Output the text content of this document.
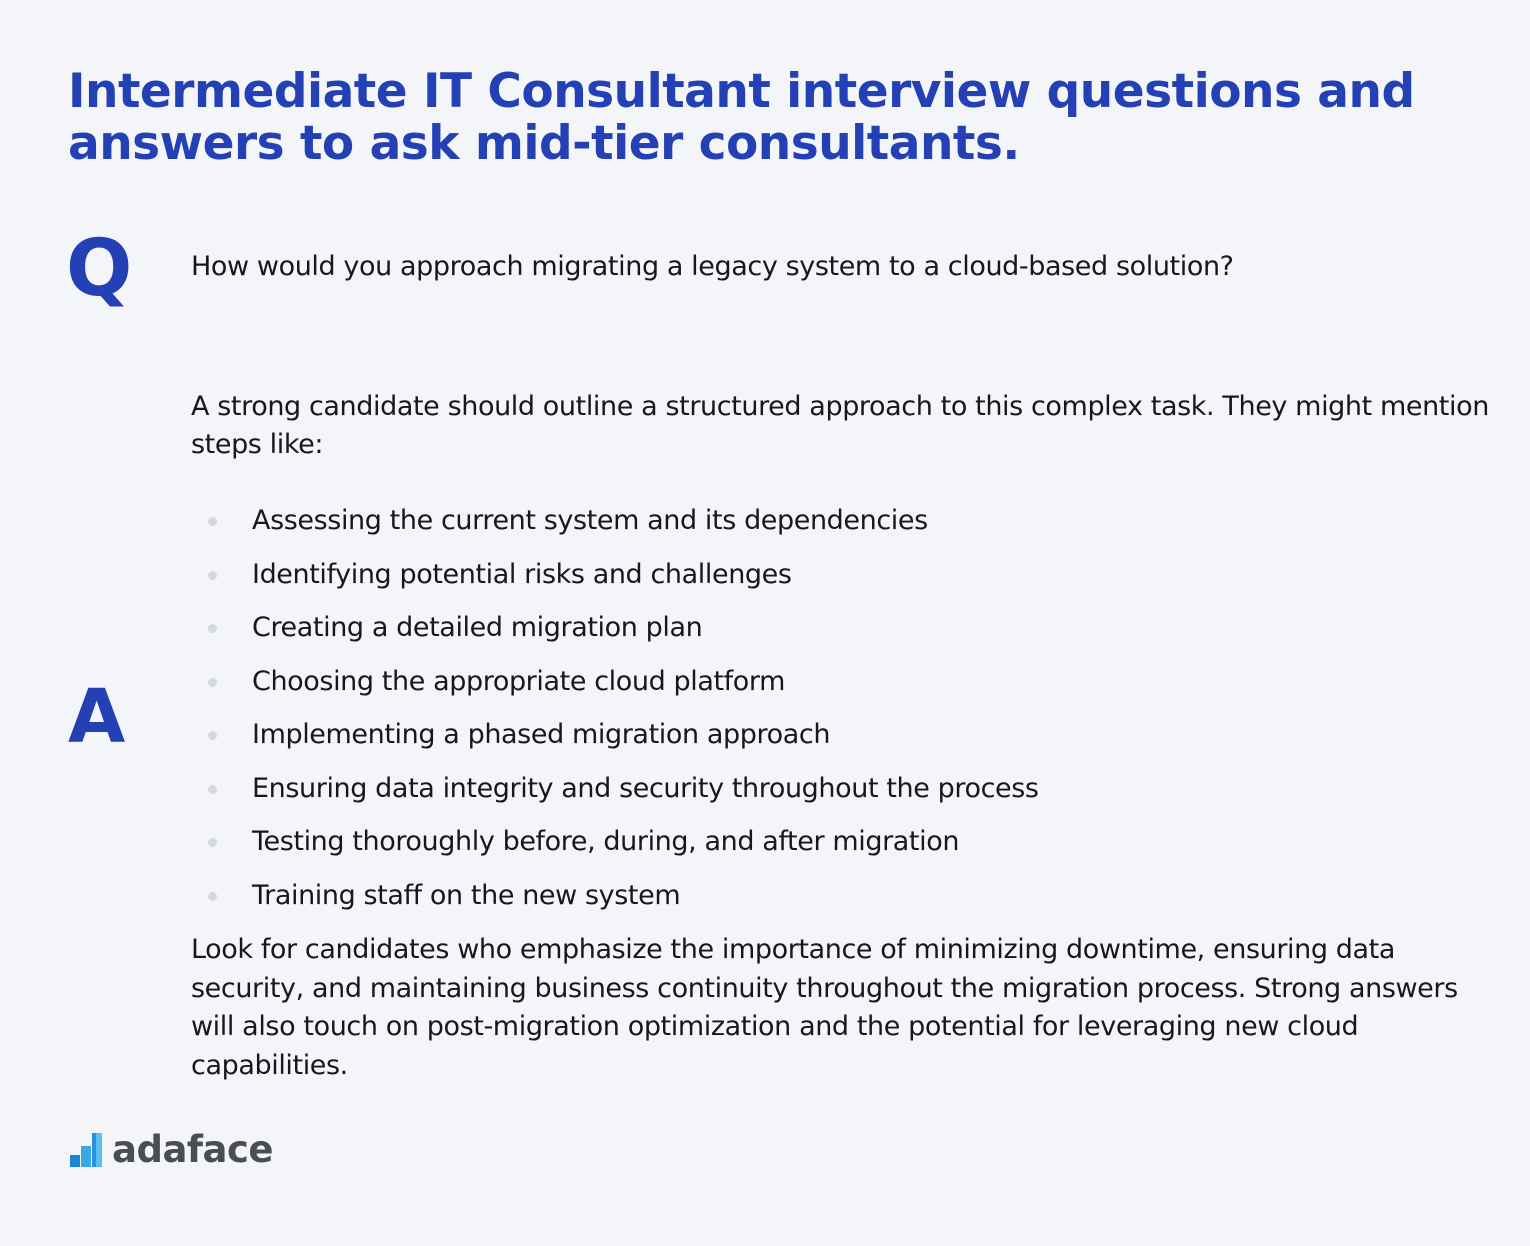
Intermediate IT Consultant interview questions and answers to ask mid-tier consultants.
Q How would you approach migrating a legacy system to a cloud-based solution?
A

A strong candidate should outline a structured approach to this complex task. They might mention steps like:

Assessing the current system and its dependencies
Identifying potential risks and challenges
Creating a detailed migration plan
Choosing the appropriate cloud platform
Implementing a phased migration approach
Ensuring data integrity and security throughout the process
Testing thoroughly before, during, and after migration
Training staff on the new system

Look for candidates who emphasize the importance of minimizing downtime, ensuring data security, and maintaining business continuity throughout the migration process. Strong answers will also touch on post-migration optimization and the potential for leveraging new cloud capabilities.

adaface
